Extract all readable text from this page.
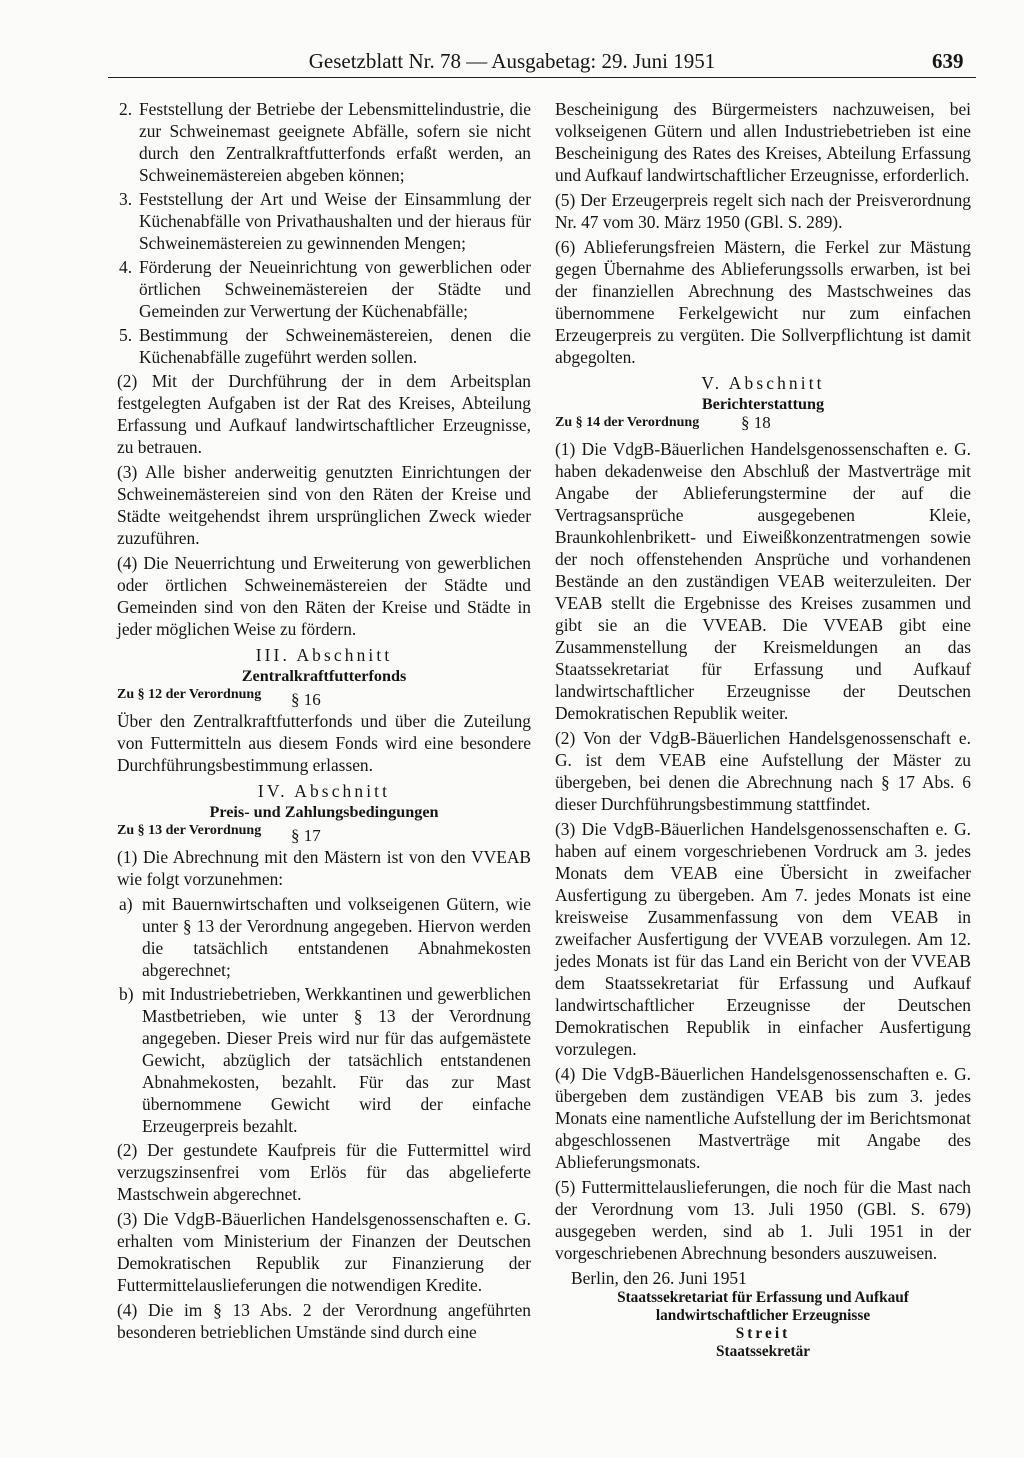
Gesetzblatt Nr. 78 — Ausgabetag: 29. Juni 1951	639
2. Feststellung der Betriebe der Lebensmittelindustrie, die zur Schweinemast geeignete Abfälle, sofern sie nicht durch den Zentralkraftfutterfonds erfaßt werden, an Schweinemästereien abgeben können;
3. Feststellung der Art und Weise der Einsammlung der Küchenabfälle von Privathaushalten und der hieraus für Schweinemästereien zu gewinnenden Mengen;
4. Förderung der Neueinrichtung von gewerblichen oder örtlichen Schweinemästereien der Städte und Gemeinden zur Verwertung der Küchenabfälle;
5. Bestimmung der Schweinemästereien, denen die Küchenabfälle zugeführt werden sollen.

(2) Mit der Durchführung der in dem Arbeitsplan festgelegten Aufgaben ist der Rat des Kreises, Abteilung Erfassung und Aufkauf landwirtschaftlicher Erzeugnisse, zu betrauen.

(3) Alle bisher anderweitig genutzten Einrichtungen der Schweinemästereien sind von den Räten der Kreise und Städte weitgehendst ihrem ursprünglichen Zweck wieder zuzuführen.

(4) Die Neuerrichtung und Erweiterung von gewerblichen oder örtlichen Schweinemästereien der Städte und Gemeinden sind von den Räten der Kreise und Städte in jeder möglichen Weise zu fördern.

III. Abschnitt
Zentralkraftfutterfonds
Zu § 12 der Verordnung § 16

Über den Zentralkraftfutterfonds und über die Zuteilung von Futtermitteln aus diesem Fonds wird eine besondere Durchführungsbestimmung erlassen.

IV. Abschnitt
Preis- und Zahlungsbedingungen
Zu § 13 der Verordnung § 17

(1) Die Abrechnung mit den Mästern ist von den VVEAB wie folgt vorzunehmen:

a) mit Bauernwirtschaften und volkseigenen Gütern, wie unter § 13 der Verordnung angegeben. Hiervon werden die tatsächlich entstandenen Abnahmekosten abgerechnet;
b) mit Industriebetrieben, Werkkantinen und gewerblichen Mastbetrieben, wie unter § 13 der Verordnung angegeben. Dieser Preis wird nur für das aufgemästete Gewicht, abzüglich der tatsächlich entstandenen Abnahmekosten, bezahlt. Für das zur Mast übernommene Gewicht wird der einfache Erzeugerpreis bezahlt.

(2) Der gestundete Kaufpreis für die Futtermittel wird verzugszinsenfrei vom Erlös für das abgelieferte Mastschwein abgerechnet.

(3) Die VdgB-Bäuerlichen Handelsgenossenschaften e. G. erhalten vom Ministerium der Finanzen der Deutschen Demokratischen Republik zur Finanzierung der Futtermittelauslieferungen die notwendigen Kredite.

(4) Die im § 13 Abs. 2 der Verordnung angeführten besonderen betrieblichen Umstände sind durch eine

Bescheinigung des Bürgermeisters nachzuweisen, bei volkseigenen Gütern und allen Industriebetrieben ist eine Bescheinigung des Rates des Kreises, Abteilung Erfassung und Aufkauf landwirtschaftlicher Erzeugnisse, erforderlich.

(5) Der Erzeugerpreis regelt sich nach der Preisverordnung Nr. 47 vom 30. März 1950 (GBl. S. 289).

(6) Ablieferungsfreien Mästern, die Ferkel zur Mästung gegen Übernahme des Ablieferungssolls erwarben, ist bei der finanziellen Abrechnung des Mastschweines das übernommene Ferkelgewicht nur zum einfachen Erzeugerpreis zu vergüten. Die Sollverpflichtung ist damit abgegolten.

V. Abschnitt
Berichterstattung
Zu § 14 der Verordnung § 18

(1) Die VdgB-Bäuerlichen Handelsgenossenschaften e. G. haben dekadenweise den Abschluß der Mastverträge mit Angabe der Ablieferungstermine der auf die Vertragsansprüche ausgegebenen Kleie, Braunkohlenbrikett- und Eiweißkonzentratmengen sowie der noch offenstehenden Ansprüche und vorhandenen Bestände an den zuständigen VEAB weiterzuleiten. Der VEAB stellt die Ergebnisse des Kreises zusammen und gibt sie an die VVEAB. Die VVEAB gibt eine Zusammenstellung der Kreismeldungen an das Staatssekretariat für Erfassung und Aufkauf landwirtschaftlicher Erzeugnisse der Deutschen Demokratischen Republik weiter.

(2) Von der VdgB-Bäuerlichen Handelsgenossenschaft e. G. ist dem VEAB eine Aufstellung der Mäster zu übergeben, bei denen die Abrechnung nach § 17 Abs. 6 dieser Durchführungsbestimmung stattfindet.

(3) Die VdgB-Bäuerlichen Handelsgenossenschaften e. G. haben auf einem vorgeschriebenen Vordruck am 3. jedes Monats dem VEAB eine Übersicht in zweifacher Ausfertigung zu übergeben. Am 7. jedes Monats ist eine kreisweise Zusammenfassung von dem VEAB in zweifacher Ausfertigung der VVEAB vorzulegen. Am 12. jedes Monats ist für das Land ein Bericht von der VVEAB dem Staatssekretariat für Erfassung und Aufkauf landwirtschaftlicher Erzeugnisse der Deutschen Demokratischen Republik in einfacher Ausfertigung vorzulegen.

(4) Die VdgB-Bäuerlichen Handelsgenossenschaften e. G. übergeben dem zuständigen VEAB bis zum 3. jedes Monats eine namentliche Aufstellung der im Berichtsmonat abgeschlossenen Mastverträge mit Angabe des Ablieferungsmonats.

(5) Futtermittelauslieferungen, die noch für die Mast nach der Verordnung vom 13. Juli 1950 (GBl. S. 679) ausgegeben werden, sind ab 1. Juli 1951 in der vorgeschriebenen Abrechnung besonders auszuweisen.

Berlin, den 26. Juni 1951
Staatssekretariat für Erfassung und Aufkauf
landwirtschaftlicher Erzeugnisse
Streit
Staatssekretär
